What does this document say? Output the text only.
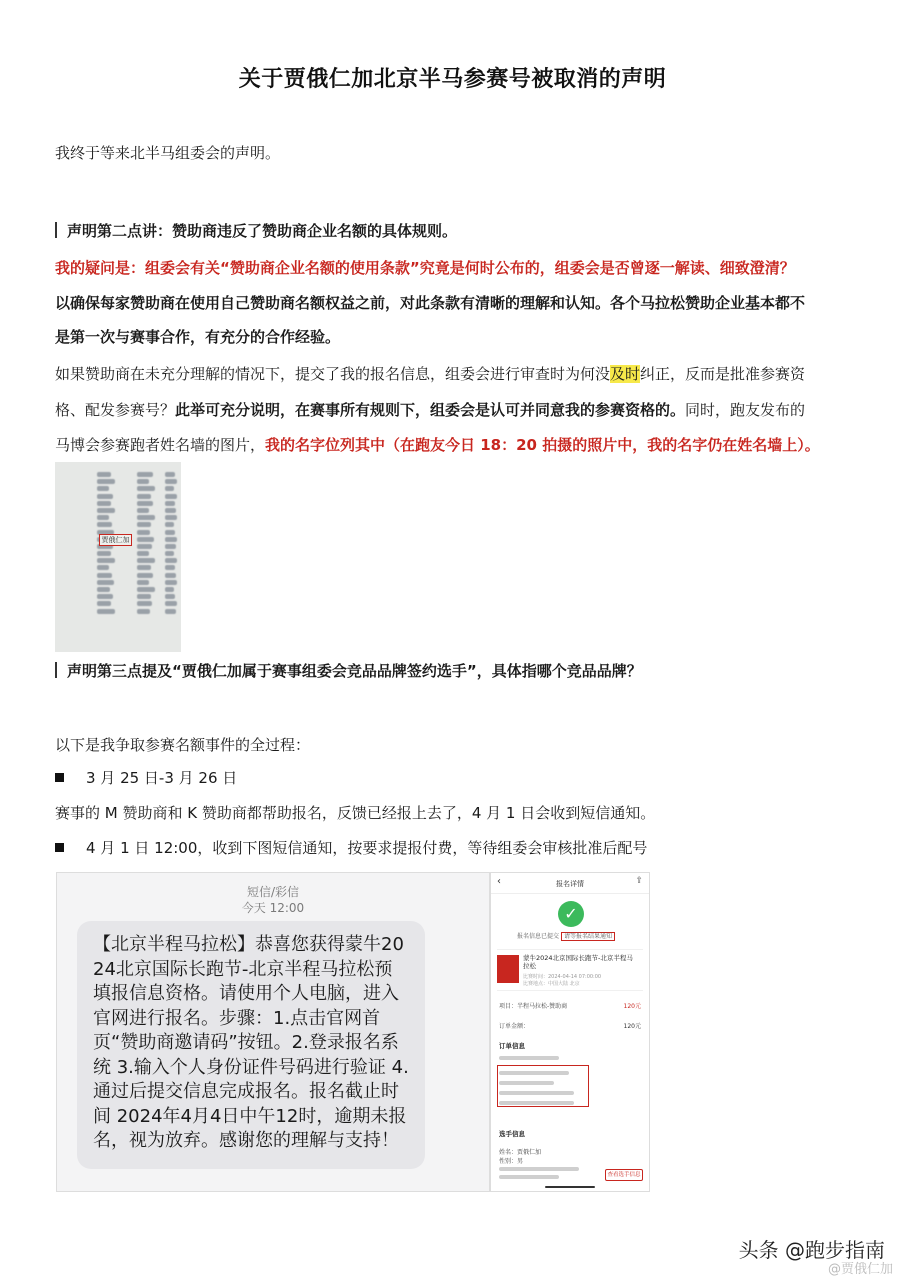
关于贾俄仁加北京半马参赛号被取消的声明
我终于等来北半马组委会的声明。
声明第二点讲：赞助商违反了赞助商企业名额的具体规则。
我的疑问是：组委会有关“赞助商企业名额的使用条款”究竟是何时公布的，组委会是否曾逐一解读、细致澄清？
以确保每家赞助商在使用自己赞助商名额权益之前，对此条款有清晰的理解和认知。各个马拉松赞助企业基本都不
是第一次与赛事合作，有充分的合作经验。
如果赞助商在未充分理解的情况下，提交了我的报名信息，组委会进行审查时为何没及时纠正，反而是批准参赛资
格、配发参赛号？此举可充分说明，在赛事所有规则下，组委会是认可并同意我的参赛资格的。同时，跑友发布的
马博会参赛跑者姓名墙的图片，我的名字位列其中（在跑友今日 18：20 拍摄的照片中，我的名字仍在姓名墙上）。
贾俄仁加
声明第三点提及“贾俄仁加属于赛事组委会竞品品牌签约选手”，具体指哪个竞品品牌？
以下是我争取参赛名额事件的全过程：
3 月 25 日-3 月 26 日
赛事的 M 赞助商和 K 赞助商都帮助报名，反馈已经报上去了，4 月 1 日会收到短信通知。
4 月 1 日 12:00，收到下图短信通知，按要求提报付费，等待组委会审核批准后配号
短信/彩信
今天 12:00
【北京半程马拉松】恭喜您获得蒙牛2024北京国际长跑节-北京半程马拉松预填报信息资格。请使用个人电脑，进入官网进行报名。步骤：1.点击官网首页“赞助商邀请码”按钮。2.登录报名系统 3.输入个人身份证件号码进行验证 4.通过后提交信息完成报名。报名截止时间 2024年4月4日中午12时，逾期未报名，视为放弃。感谢您的理解与支持！
‹	报名详情	⇪
✓
报名信息已提交 请等报名结果通知
蒙牛2024北京国际长跑节-北京半程马拉松
比赛时间：2024-04-14 07:00:00
比赛地点：中国大陆 北京
项目：半程马拉松-赞助商	120元
订单金额：	120元
订单信息
选手信息
姓名：贾俄仁加
性别：男
查看选手信息
头条 @跑步指南
@贾俄仁加
